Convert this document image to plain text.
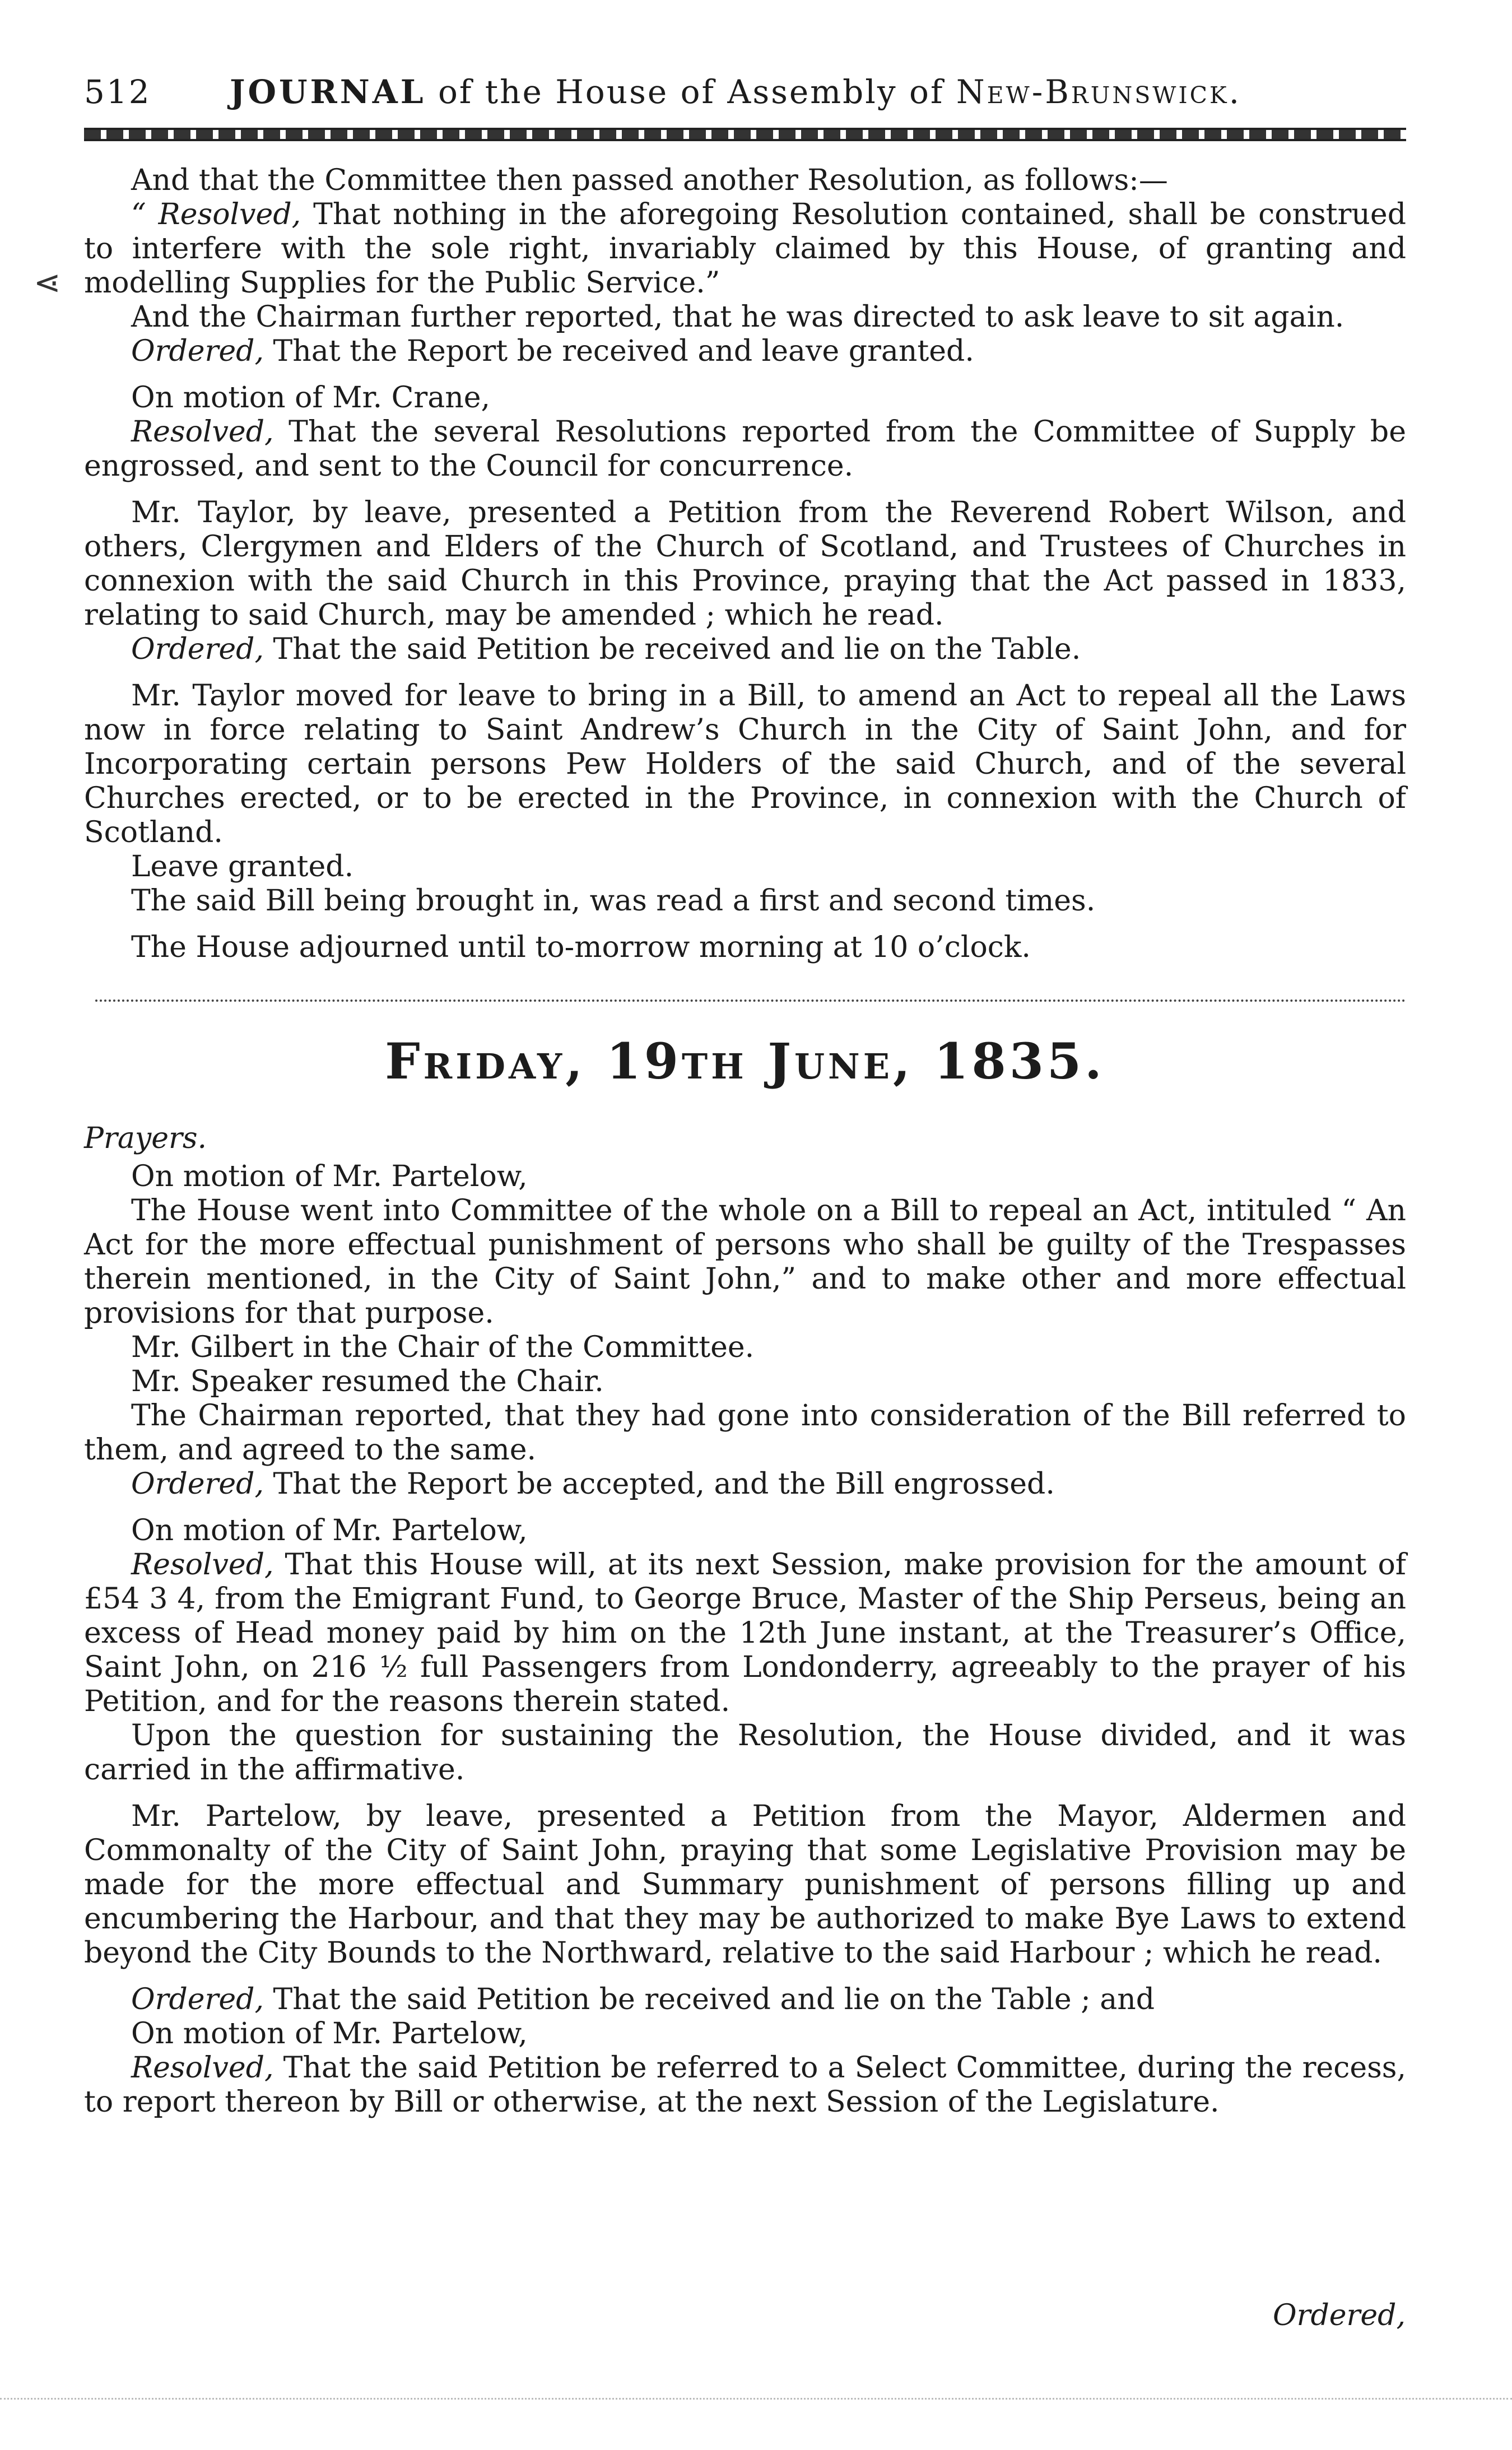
512 JOURNAL of the House of Assembly of New-Brunswick.

And that the Committee then passed another Resolution, as follows:—

“ Resolved, That nothing in the aforegoing Resolution contained, shall be construed to interfere with the sole right, invariably claimed by this House, of granting and modelling Supplies for the Public Service.”

And the Chairman further reported, that he was directed to ask leave to sit again.

Ordered, That the Report be received and leave granted.

On motion of Mr. Crane,

Resolved, That the several Resolutions reported from the Committee of Supply be engrossed, and sent to the Council for concurrence.

Mr. Taylor, by leave, presented a Petition from the Reverend Robert Wilson, and others, Clergymen and Elders of the Church of Scotland, and Trustees of Churches in connexion with the said Church in this Province, praying that the Act passed in 1833, relating to said Church, may be amended ; which he read.

Ordered, That the said Petition be received and lie on the Table.

Mr. Taylor moved for leave to bring in a Bill, to amend an Act to repeal all the Laws now in force relating to Saint Andrew’s Church in the City of Saint John, and for Incorporating certain persons Pew Holders of the said Church, and of the several Churches erected, or to be erected in the Province, in connexion with the Church of Scotland.

Leave granted.

The said Bill being brought in, was read a first and second times.

The House adjourned until to-morrow morning at 10 o’clock.

Friday, 19th June, 1835.
Prayers.

On motion of Mr. Partelow,

The House went into Committee of the whole on a Bill to repeal an Act, intituled “ An Act for the more effectual punishment of persons who shall be guilty of the Trespasses therein mentioned, in the City of Saint John,” and to make other and more effectual provisions for that purpose.

Mr. Gilbert in the Chair of the Committee.

Mr. Speaker resumed the Chair.

The Chairman reported, that they had gone into consideration of the Bill referred to them, and agreed to the same.

Ordered, That the Report be accepted, and the Bill engrossed.

On motion of Mr. Partelow,

Resolved, That this House will, at its next Session, make provision for the amount of £54 3 4, from the Emigrant Fund, to George Bruce, Master of the Ship Perseus, being an excess of Head money paid by him on the 12th June instant, at the Treasurer’s Office, Saint John, on 216 ½ full Passengers from Londonderry, agreeably to the prayer of his Petition, and for the reasons therein stated.

Upon the question for sustaining the Resolution, the House divided, and it was carried in the affirmative.

Mr. Partelow, by leave, presented a Petition from the Mayor, Aldermen and Commonalty of the City of Saint John, praying that some Legislative Provision may be made for the more effectual and Summary punishment of persons filling up and encumbering the Harbour, and that they may be authorized to make Bye Laws to extend beyond the City Bounds to the Northward, relative to the said Harbour ; which he read.

Ordered, That the said Petition be received and lie on the Table ; and

On motion of Mr. Partelow,

Resolved, That the said Petition be referred to a Select Committee, during the recess, to report thereon by Bill or otherwise, at the next Session of the Legislature.

Ordered,
⋖
